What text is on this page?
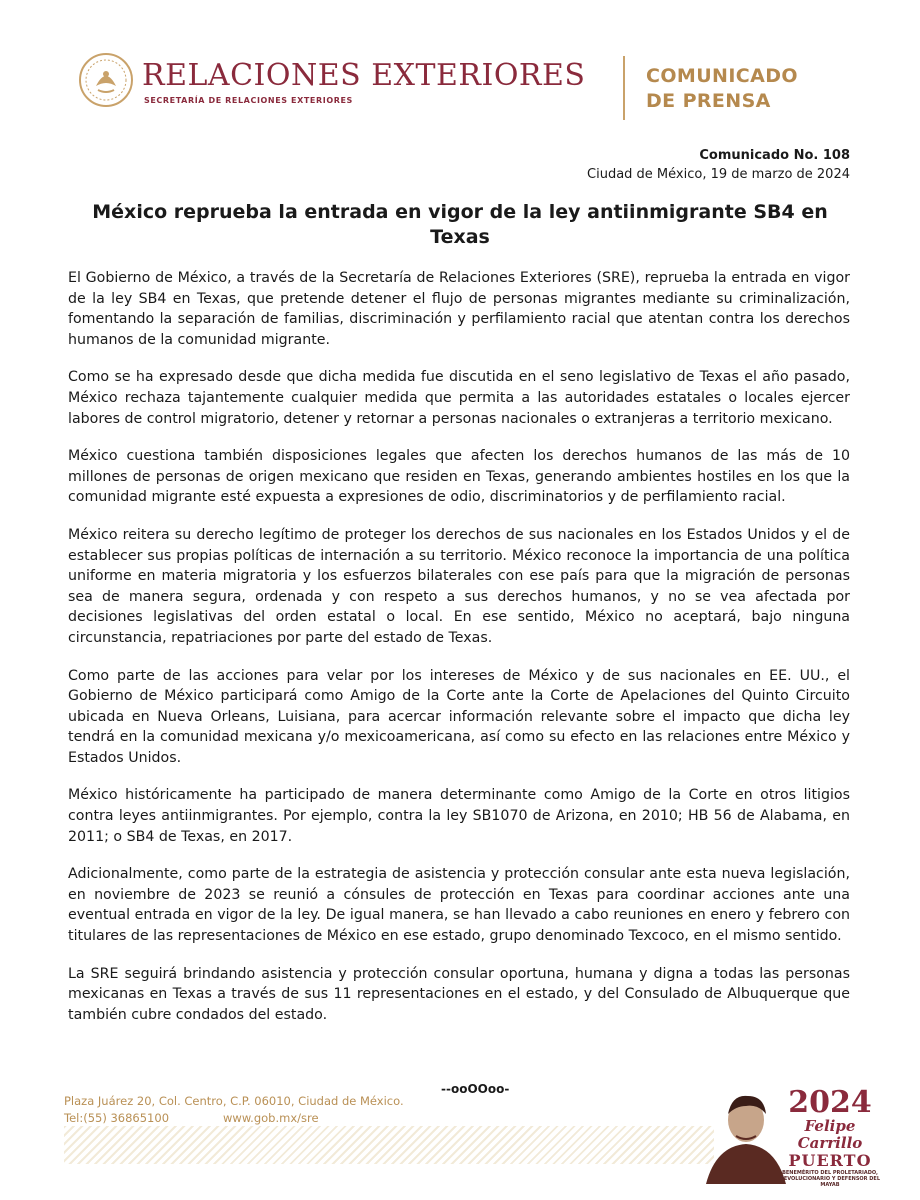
RELACIONES EXTERIORES
SECRETARÍA DE RELACIONES EXTERIORES
COMUNICADO
DE PRENSA
Comunicado No. 108
Ciudad de México, 19 de marzo de 2024
México reprueba la entrada en vigor de la ley antiinmigrante SB4 en Texas

El Gobierno de México, a través de la Secretaría de Relaciones Exteriores (SRE), reprueba la entrada en vigor de la ley SB4 en Texas, que pretende detener el flujo de personas migrantes mediante su criminalización, fomentando la separación de familias, discriminación y perfilamiento racial que atentan contra los derechos humanos de la comunidad migrante.

Como se ha expresado desde que dicha medida fue discutida en el seno legislativo de Texas el año pasado, México rechaza tajantemente cualquier medida que permita a las autoridades estatales o locales ejercer labores de control migratorio, detener y retornar a personas nacionales o extranjeras a territorio mexicano.

México cuestiona también disposiciones legales que afecten los derechos humanos de las más de 10 millones de personas de origen mexicano que residen en Texas, generando ambientes hostiles en los que la comunidad migrante esté expuesta a expresiones de odio, discriminatorios y de perfilamiento racial.

México reitera su derecho legítimo de proteger los derechos de sus nacionales en los Estados Unidos y el de establecer sus propias políticas de internación a su territorio. México reconoce la importancia de una política uniforme en materia migratoria y los esfuerzos bilaterales con ese país para que la migración de personas sea de manera segura, ordenada y con respeto a sus derechos humanos, y no se vea afectada por decisiones legislativas del orden estatal o local. En ese sentido, México no aceptará, bajo ninguna circunstancia, repatriaciones por parte del estado de Texas.

Como parte de las acciones para velar por los intereses de México y de sus nacionales en EE. UU., el Gobierno de México participará como Amigo de la Corte ante la Corte de Apelaciones del Quinto Circuito ubicada en Nueva Orleans, Luisiana, para acercar información relevante sobre el impacto que dicha ley tendrá en la comunidad mexicana y/o mexicoamericana, así como su efecto en las relaciones entre México y Estados Unidos.

México históricamente ha participado de manera determinante como Amigo de la Corte en otros litigios contra leyes antiinmigrantes. Por ejemplo, contra la ley SB1070 de Arizona, en 2010; HB 56 de Alabama, en 2011; o SB4 de Texas, en 2017.

Adicionalmente, como parte de la estrategia de asistencia y protección consular ante esta nueva legislación, en noviembre de 2023 se reunió a cónsules de protección en Texas para coordinar acciones ante una eventual entrada en vigor de la ley. De igual manera, se han llevado a cabo reuniones en enero y febrero con titulares de las representaciones de México en ese estado, grupo denominado Texcoco, en el mismo sentido.

La SRE seguirá brindando asistencia y protección consular oportuna, humana y digna a todas las personas mexicanas en Texas a través de sus 11 representaciones en el estado, y del Consulado de Albuquerque que también cubre condados del estado.

--ooOOoo-
Plaza Juárez 20, Col. Centro, C.P. 06010, Ciudad de México.
Tel:(55) 36865100	www.gob.mx/sre	2024
Felipe Carrillo
PUERTO
BENEMÉRITO DEL PROLETARIADO, REVOLUCIONARIO Y DEFENSOR DEL MAYAB
